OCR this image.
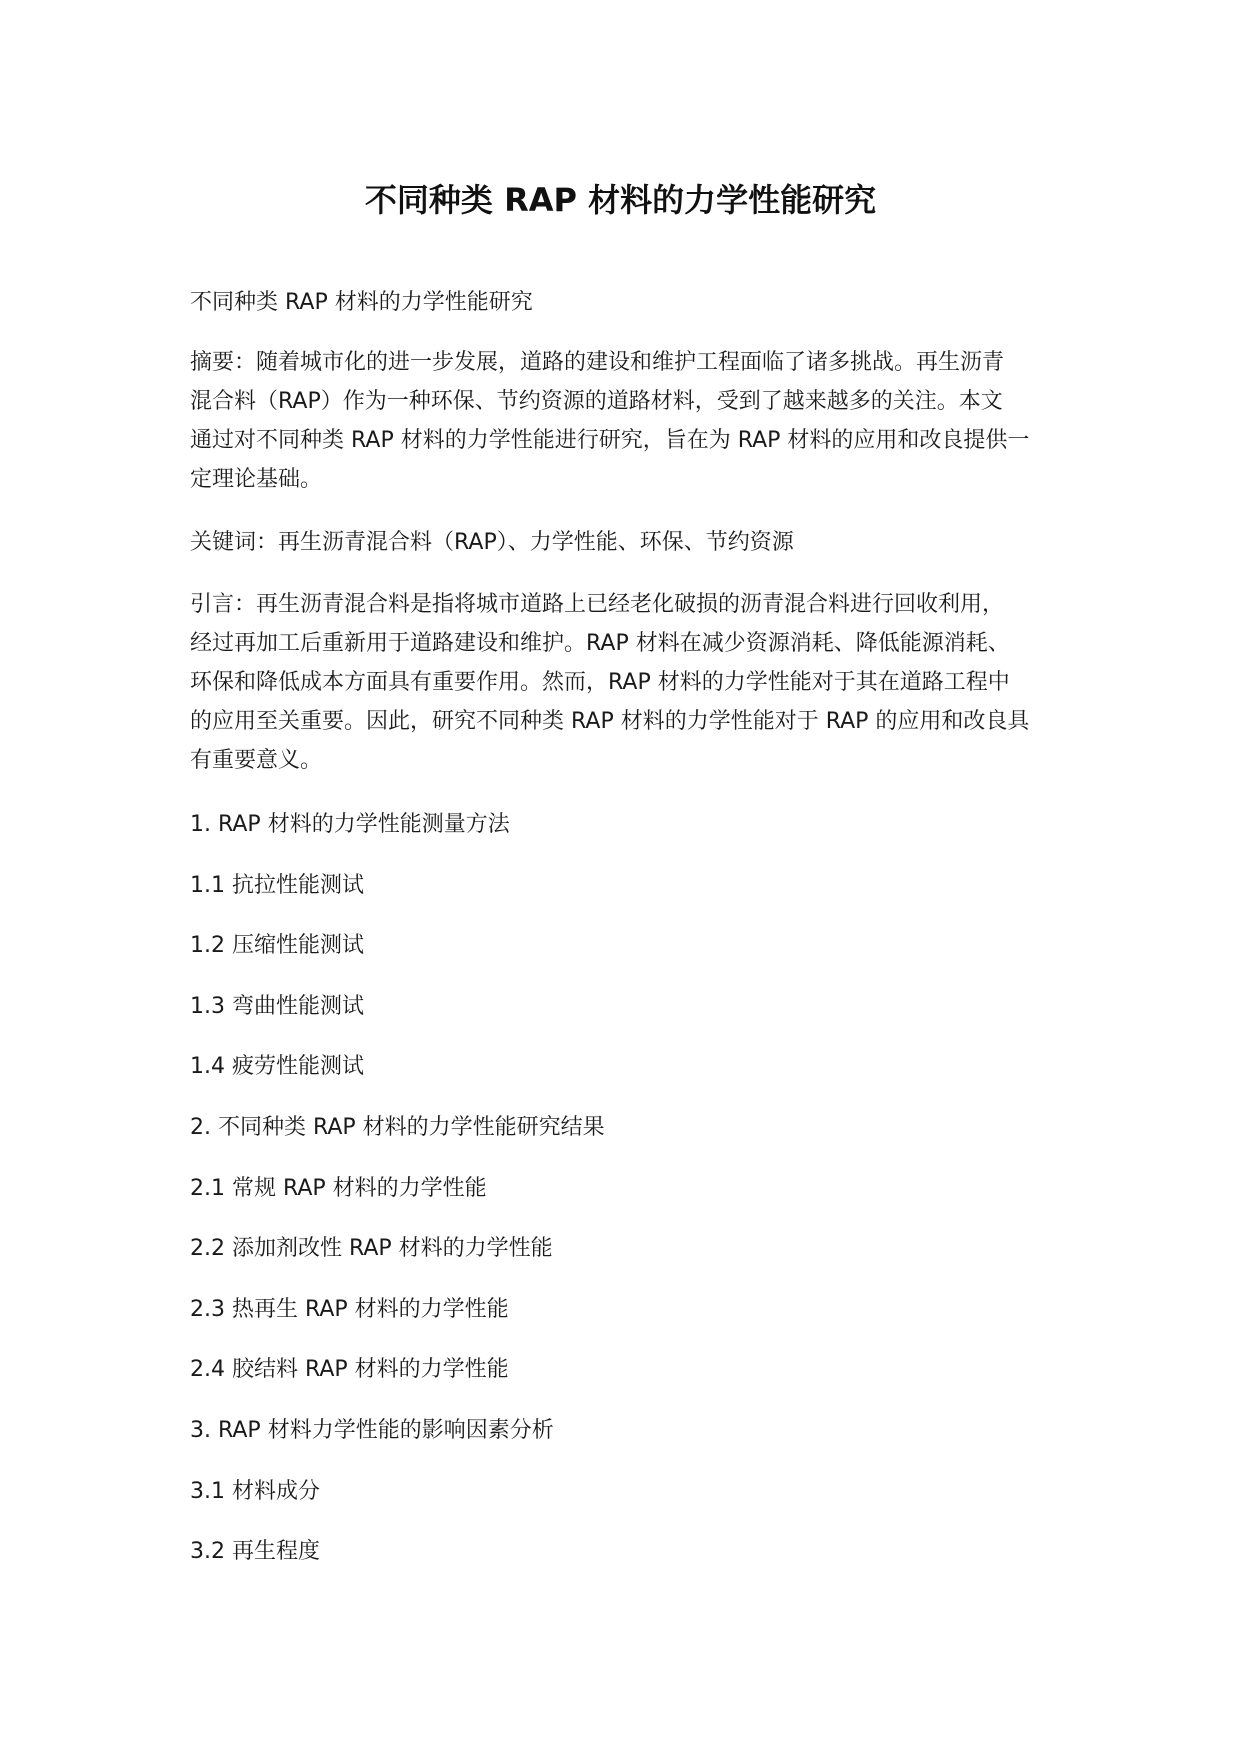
不同种类 RAP 材料的力学性能研究

不同种类 RAP 材料的力学性能研究

摘要：随着城市化的进一步发展，道路的建设和维护工程面临了诸多挑战。再生沥青

混合料（RAP）作为一种环保、节约资源的道路材料，受到了越来越多的关注。本文

通过对不同种类 RAP 材料的力学性能进行研究，旨在为 RAP 材料的应用和改良提供一

定理论基础。

关键词：再生沥青混合料（RAP）、力学性能、环保、节约资源

引言：再生沥青混合料是指将城市道路上已经老化破损的沥青混合料进行回收利用，

经过再加工后重新用于道路建设和维护。RAP 材料在减少资源消耗、降低能源消耗、

环保和降低成本方面具有重要作用。然而，RAP 材料的力学性能对于其在道路工程中

的应用至关重要。因此，研究不同种类 RAP 材料的力学性能对于 RAP 的应用和改良具

有重要意义。

1. RAP 材料的力学性能测量方法

1.1 抗拉性能测试

1.2 压缩性能测试

1.3 弯曲性能测试

1.4 疲劳性能测试

2. 不同种类 RAP 材料的力学性能研究结果

2.1 常规 RAP 材料的力学性能

2.2 添加剂改性 RAP 材料的力学性能

2.3 热再生 RAP 材料的力学性能

2.4 胶结料 RAP 材料的力学性能

3. RAP 材料力学性能的影响因素分析

3.1 材料成分

3.2 再生程度
